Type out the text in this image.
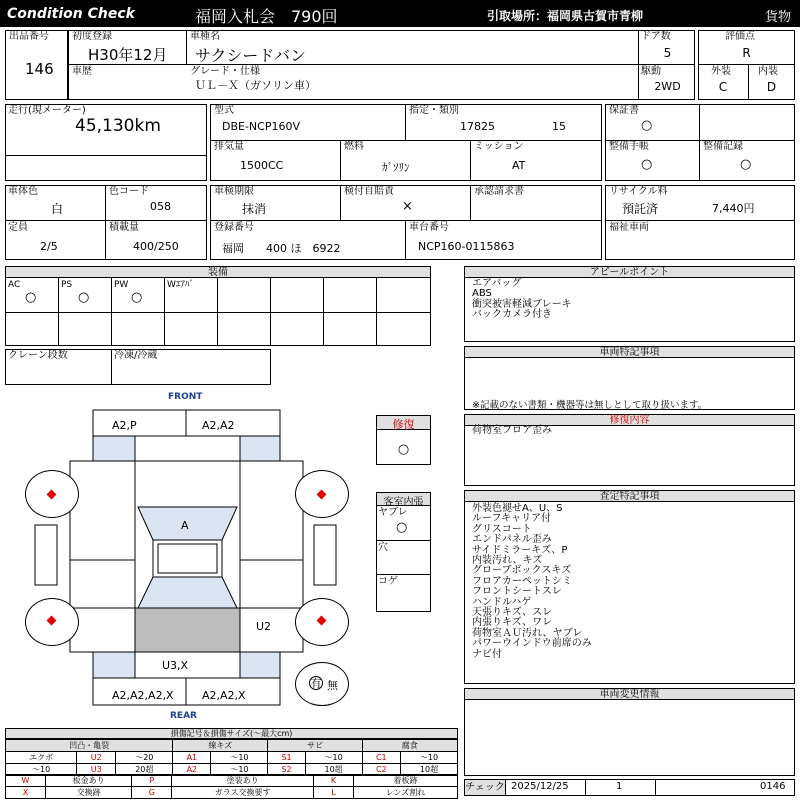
Condition Check	福岡入札会　790回	引取場所：福岡県古賀市青柳	貨物
出品番号
146
初度登録
H30年12月
車種名
サクシードバン
ドア数
5
車歴	グレード・仕様
ＵＬ－Ｘ（ガソリン車）
駆動
2WD
評価点
R
外装
C
内装
D
走行(現メーター)
45,130km
型式
DBE-NCP160V
指定・類別
17825	15
排気量
1500CC
燃料
ｶﾞｿﾘﾝ
ミッション
AT
保証書
○
整備手帳
○
整備記録
○
車体色
白
色コード
058
定員
2/5
積載量
400/250
車検期限
抹消
検付自賠責
×
承認請求書
登録番号
福岡　　400 ほ　6922
車台番号
NCP160-0115863
リサイクル料
預託済	7,440円
福祉車両
装備
AC
○
PS
○
PW
○
Wｴｱﾊﾞ
クレーン段数	冷凍/冷蔵
FRONT
REAR
有 無
A2,P	A2,A2
A
U2
U3,X
A2,A2,A2,X	A2,A2,X
修復
○
客室内張
ヤブレ
○
穴
コゲ
アピールポイント
エアバッグ
ABS
衝突被害軽減ブレーキ
バックカメラ付き
車両特記事項
※記載のない書類・機器等は無しとして取り扱います。
修復内容
荷物室フロア歪み
査定特記事項
外装色褪せA、U、S
ルーフキャリア付
グリスコート
エンドパネル歪み
サイドミラーキズ、P
内装汚れ、キズ
グローブボックスキズ
フロアカーペットシミ
フロントシートスレ
ハンドルハゲ
天張りキズ、スレ
内張りキズ、ワレ
荷物室ＡＵ汚れ、ヤブレ
パワーウインドウ前席のみ
ナビ付
車両変更情報
チェック 2025/12/25	1	0146
損傷記号＆損傷サイズ(～最大cm)
凹凸・亀裂			線キズ		サビ		腐食	
エクボ	U2	～20	A1	～10	S1	～10	C1	～10
～10	U3	20超	A2	～10	S2	10超	C2	10超
W	板金あり	P	塗装あり	K	着板跡
X	交換跡	G	ガラス交換要す	L	レンズ割れ
